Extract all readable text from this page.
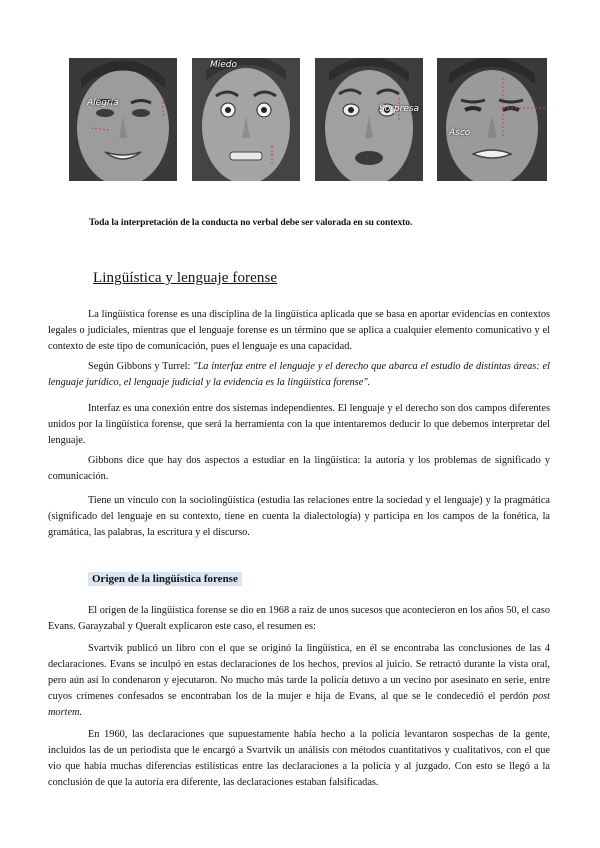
Alegría
Miedo
Sorpresa
Asco
Toda la interpretación de la conducta no verbal debe ser valorada en su contexto.
Lingüística y lenguaje forense

La lingüística forense es una disciplina de la lingüística aplicada que se basa en aportar evidencias en contextos legales o judiciales, mientras que el lenguaje forense es un término que se aplica a cualquier elemento comunicativo y el contexto de este tipo de comunicación, pues el lenguaje es una capacidad.

Según Gibbons y Turrel: "La interfaz entre el lenguaje y el derecho que abarca el estudio de distintas áreas: el lenguaje jurídico, el lenguaje judicial y la evidencia es la lingüística forense".

Interfaz es una conexión entre dos sistemas independientes. El lenguaje y el derecho son dos campos diferentes unidos por la lingüística forense, que será la herramienta con la que intentaremos deducir lo que debemos interpretar del lenguaje.

Gibbons dice que hay dos aspectos a estudiar en la lingüística: la autoría y los problemas de significado y comunicación.

Tiene un vínculo con la sociolingüística (estudia las relaciones entre la sociedad y el lenguaje) y la pragmática (significado del lenguaje en su contexto, tiene en cuenta la dialectología) y participa en los campos de la fonética, la gramática, las palabras, la escritura y el discurso.

Origen de la lingüística forense

El origen de la lingüística forense se dio en 1968 a raíz de unos sucesos que acontecieron en los años 50, el caso Evans. Garayzabal y Queralt explicaron este caso, el resumen es:

Svartvik publicó un libro con el que se originó la lingüística, en él se encontraba las conclusiones de las 4 declaraciones. Evans se inculpó en estas declaraciones de los hechos, previos al juicio. Se retractó durante la vista oral, pero aún así lo condenaron y ejecutaron. No mucho más tarde la policía detuvo a un vecino por asesinato en serie, entre cuyos crímenes confesados se encontraban los de la mujer e hija de Evans, al que se le condecedió el perdón post mortem.

En 1960, las declaraciones que supuestamente había hecho a la policía levantaron sospechas de la gente, incluidos las de un periodista que le encargó a Svartvik un análisis con métodos cuantitativos y cualitativos, con el que vio que había muchas diferencias estilísticas entre las declaraciones a la policía y al juzgado. Con esto se llegó a la conclusión de que la autoría era diferente, las declaraciones estaban falsificadas.
